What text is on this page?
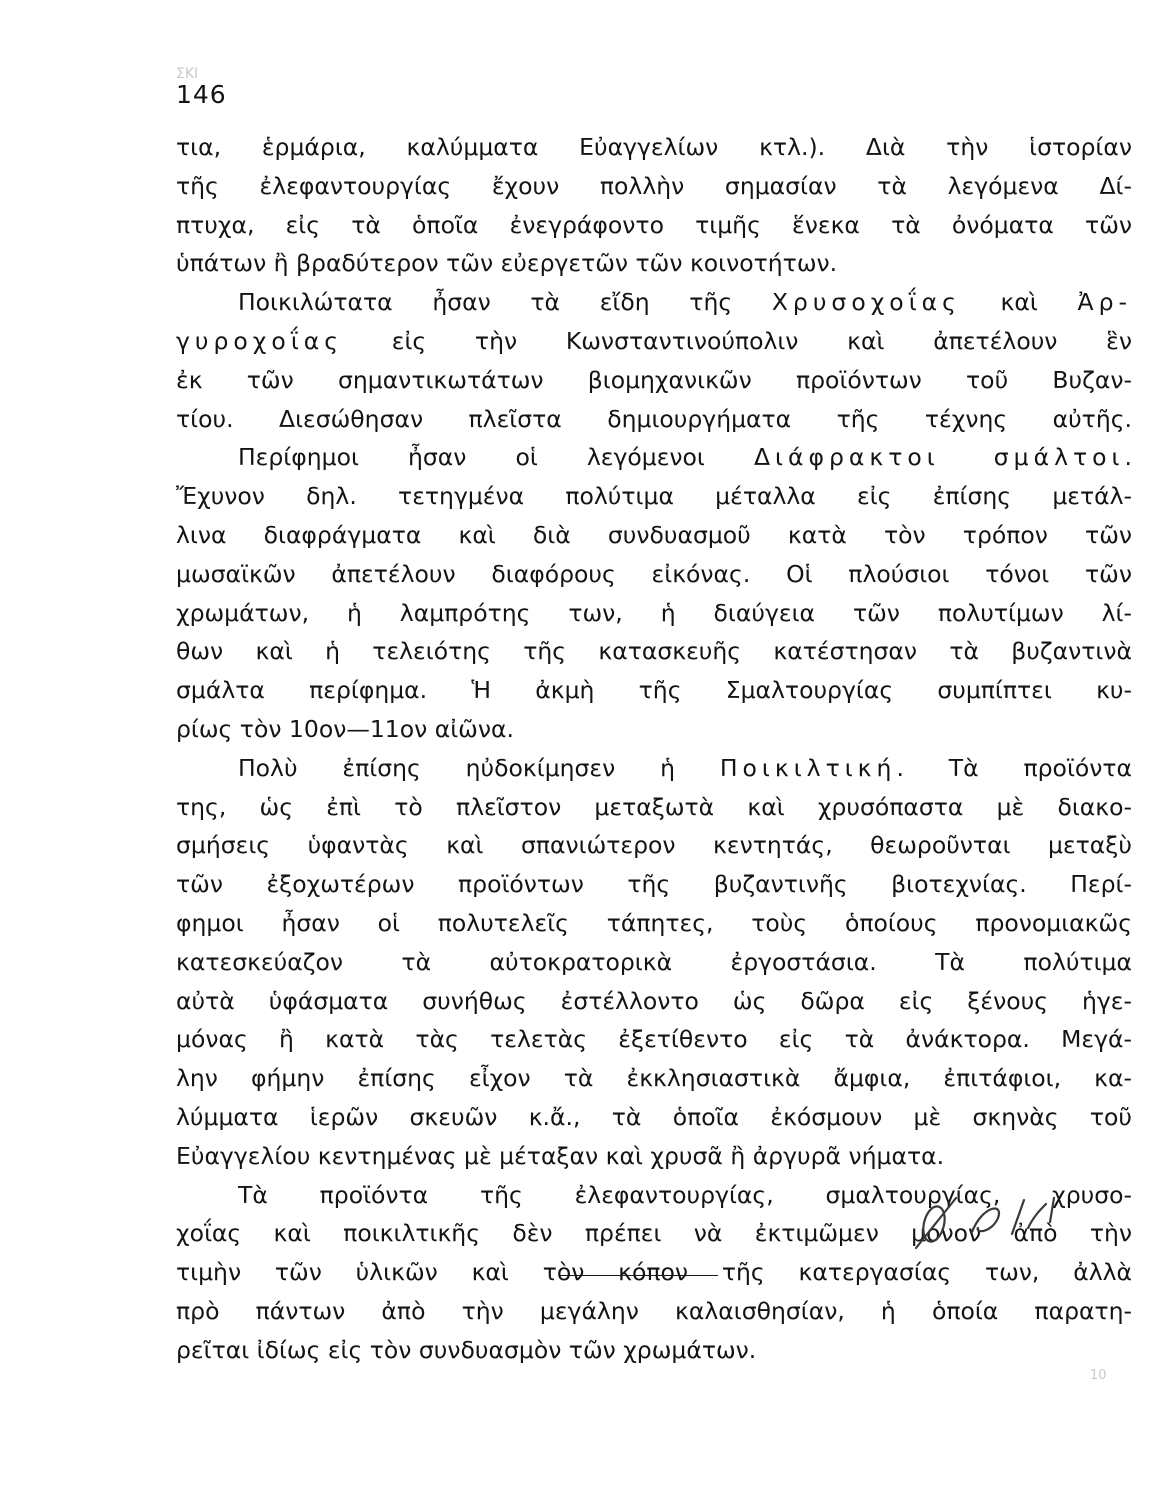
ΣΚΙ
10
146
τια, ἑρμάρια, καλύμματα Εὐαγγελίων κτλ.). Διὰ τὴν ἱστορίαν
τῆς ἐλεφαντουργίας ἔχουν πολλὴν σημασίαν τὰ λεγόμενα Δί-
πτυχα, εἰς τὰ ὁποῖα ἐνεγράφοντο τιμῆς ἕνεκα τὰ ὀνόματα τῶν
ὑπάτων ἢ βραδύτερον τῶν εὐεργετῶν τῶν κοινοτήτων.
Ποικιλώτατα ἦσαν τὰ εἴδη τῆς Χρυσοχοΐας καὶ Ἀρ-
γυροχοΐας εἰς τὴν Κωνσταντινούπολιν καὶ ἀπετέλουν ἓν
ἐκ τῶν σημαντικωτάτων βιομηχανικῶν προϊόντων τοῦ Βυζαν-
τίου. Διεσώθησαν πλεῖστα δημιουργήματα τῆς τέχνης αὐτῆς.
Περίφημοι ἦσαν οἱ λεγόμενοι Διάφρακτοι σμάλτοι.
Ἔχυνον δηλ. τετηγμένα πολύτιμα μέταλλα εἰς ἐπίσης μετάλ-
λινα διαφράγματα καὶ διὰ συνδυασμοῦ κατὰ τὸν τρόπον τῶν
μωσαϊκῶν ἀπετέλουν διαφόρους εἰκόνας. Οἱ πλούσιοι τόνοι τῶν
χρωμάτων, ἡ λαμπρότης των, ἡ διαύγεια τῶν πολυτίμων λί-
θων καὶ ἡ τελειότης τῆς κατασκευῆς κατέστησαν τὰ βυζαντινὰ
σμάλτα περίφημα. Ἡ ἀκμὴ τῆς Σμαλτουργίας συμπίπτει κυ-
ρίως τὸν 10ον—11ον αἰῶνα.
Πολὺ ἐπίσης ηὐδοκίμησεν ἡ Ποικιλτική. Τὰ προϊόντα
της, ὡς ἐπὶ τὸ πλεῖστον μεταξωτὰ καὶ χρυσόπαστα μὲ διακο-
σμήσεις ὑφαντὰς καὶ σπανιώτερον κεντητάς, θεωροῦνται μεταξὺ
τῶν ἐξοχωτέρων προϊόντων τῆς βυζαντινῆς βιοτεχνίας. Περί-
φημοι ἦσαν οἱ πολυτελεῖς τάπητες, τοὺς ὁποίους προνομιακῶς
κατεσκεύαζον τὰ αὐτοκρατορικὰ ἐργοστάσια. Τὰ πολύτιμα
αὐτὰ ὑφάσματα συνήθως ἐστέλλοντο ὡς δῶρα εἰς ξένους ἡγε-
μόνας ἢ κατὰ τὰς τελετὰς ἐξετίθεντο εἰς τὰ ἀνάκτορα. Μεγά-
λην φήμην ἐπίσης εἶχον τὰ ἐκκλησιαστικὰ ἄμφια, ἐπιτάφιοι, κα-
λύμματα ἱερῶν σκευῶν κ.ἄ., τὰ ὁποῖα ἐκόσμουν μὲ σκηνὰς τοῦ
Εὐαγγελίου κεντημένας μὲ μέταξαν καὶ χρυσᾶ ἢ ἀργυρᾶ νήματα.
Τὰ προϊόντα τῆς ἐλεφαντουργίας, σμαλτουργίας, χρυσο-
χοΐας καὶ ποικιλτικῆς δὲν πρέπει νὰ ἐκτιμῶμεν μόνον ἀπὸ τὴν
τιμὴν τῶν ὑλικῶν καὶ τὸν κόπον τῆς κατεργασίας των, ἀλλὰ
πρὸ πάντων ἀπὸ τὴν μεγάλην καλαισθησίαν, ἡ ὁποία παρατη-
ρεῖται ἰδίως εἰς τὸν συνδυασμὸν τῶν χρωμάτων.
